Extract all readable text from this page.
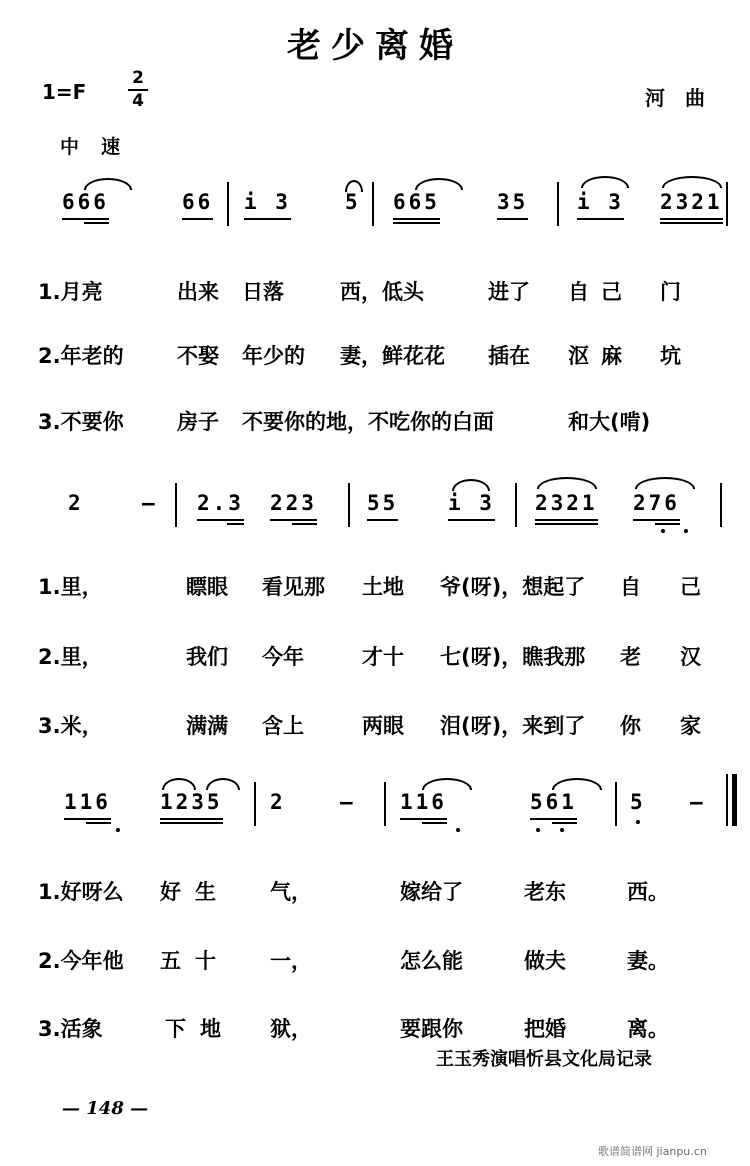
老少离婚
1=F
2
4	河曲
中速
666	66 i 3	5 665	35 i 3 2321
1.月亮	出来 日落	西，低头	进了 自己 门
2.年老的	不娶 年少的 妻，鲜花花 插在 沤麻 坑
3.不要你	房子 不要你的地，不吃你的白面	和大(啃)
2	— 2.3 223 55 i 3 2321 276
1.里，	瞟眼 看见那 土地 爷(呀)，想起了 自 己
2.里，	我们 今年	才十 七(呀)，瞧我那 老 汉
3.米，	满满 含上	两眼 泪(呀)，来到了 你 家
116 1235 2	— 116	561	5 —
1.好呀么 好生 气，	嫁给了	老东	西。
2.今年他 五十 一，	怎么能	做夫	妻。
3.活象	下地 狱，	要跟你	把婚	离。
王玉秀演唱忻县文化局记录
— 148 —
歌谱简谱网 jianpu.cn
